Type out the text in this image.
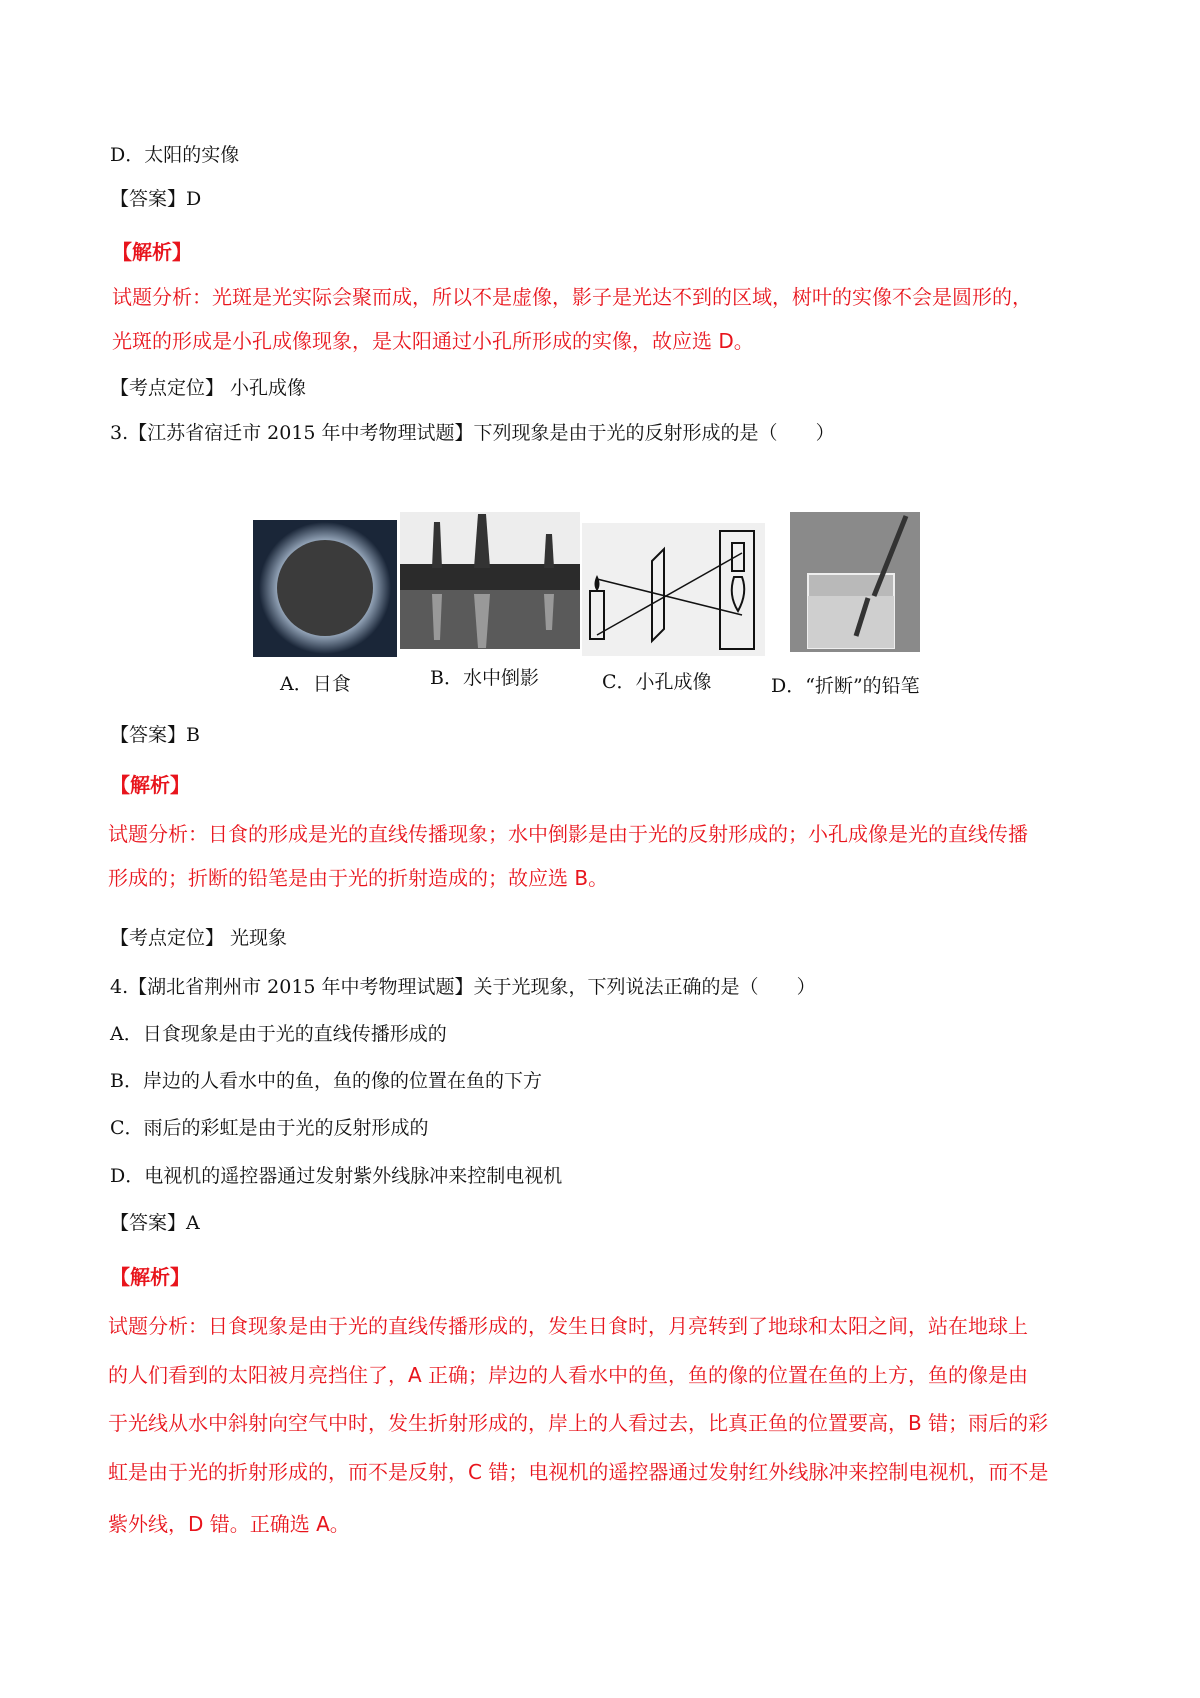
D．太阳的实像
【答案】D
【解析】
试题分析：光斑是光实际会聚而成，所以不是虚像，影子是光达不到的区域，树叶的实像不会是圆形的，
光斑的形成是小孔成像现象，是太阳通过小孔所形成的实像，故应选 D。
【考点定位】 小孔成像
3.【江苏省宿迁市 2015 年中考物理试题】下列现象是由于光的反射形成的是（　　）
A．日食	B．水中倒影	C．小孔成像	D．“折断”的铅笔
【答案】B
【解析】
试题分析：日食的形成是光的直线传播现象；水中倒影是由于光的反射形成的；小孔成像是光的直线传播
形成的；折断的铅笔是由于光的折射造成的；故应选 B。
【考点定位】 光现象
4.【湖北省荆州市 2015 年中考物理试题】关于光现象，下列说法正确的是（　　）
A．日食现象是由于光的直线传播形成的
B．岸边的人看水中的鱼，鱼的像的位置在鱼的下方
C．雨后的彩虹是由于光的反射形成的
D．电视机的遥控器通过发射紫外线脉冲来控制电视机
【答案】A
【解析】
试题分析：日食现象是由于光的直线传播形成的，发生日食时，月亮转到了地球和太阳之间，站在地球上
的人们看到的太阳被月亮挡住了，A 正确；岸边的人看水中的鱼，鱼的像的位置在鱼的上方，鱼的像是由
于光线从水中斜射向空气中时，发生折射形成的，岸上的人看过去，比真正鱼的位置要高，B 错；雨后的彩
虹是由于光的折射形成的，而不是反射，C 错；电视机的遥控器通过发射红外线脉冲来控制电视机，而不是
紫外线，D 错。正确选 A。
